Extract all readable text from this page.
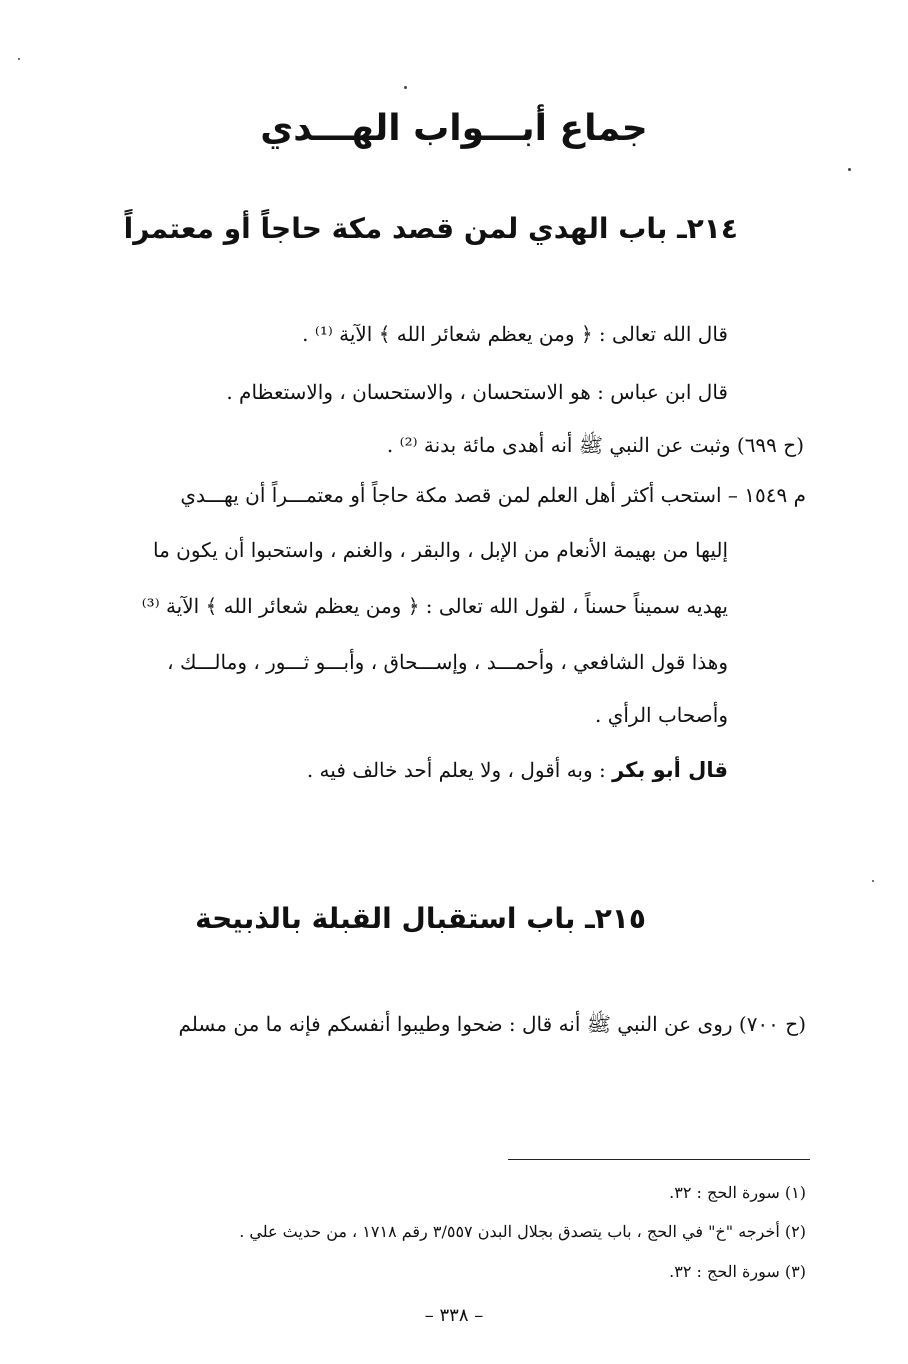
جماع أبـــواب الهـــدي
٢١٤ـ باب الهدي لمن قصد مكة حاجاً أو معتمراً
قال الله تعالى : ﴿ ومن يعظم شعائر الله ﴾ الآية ⁽¹⁾ .
قال ابن عباس : هو الاستحسان ، والاستحسان ، والاستعظام .
(ح ٦٩٩) وثبت عن النبي ﷺ أنه أهدى مائة بدنة ⁽²⁾ .
م ١٥٤٩ – استحب أكثر أهل العلم لمن قصد مكة حاجاً أو معتمـــراً أن يهـــدي
إليها من بهيمة الأنعام من الإبل ، والبقر ، والغنم ، واستحبوا أن يكون ما
يهديه سميناً حسناً ، لقول الله تعالى : ﴿ ومن يعظم شعائر الله ﴾ الآية ⁽³⁾
وهذا قول الشافعي ، وأحمـــد ، وإســـحاق ، وأبـــو ثـــور ، ومالـــك ،
وأصحاب الرأي .
قال أبو بكر : وبه أقول ، ولا يعلم أحد خالف فيه .
٢١٥ـ باب استقبال القبلة بالذبيحة
(ح ٧٠٠) روى عن النبي ﷺ أنه قال : ضحوا وطيبوا أنفسكم فإنه ما من مسلم
(١) سورة الحج : ٣٢.
(٢) أخرجه "خ" في الحج ، باب يتصدق بجلال البدن ٣/٥٥٧ رقم ١٧١٨ ، من حديث علي .
(٣) سورة الحج : ٣٢.
– ٣٣٨ –
